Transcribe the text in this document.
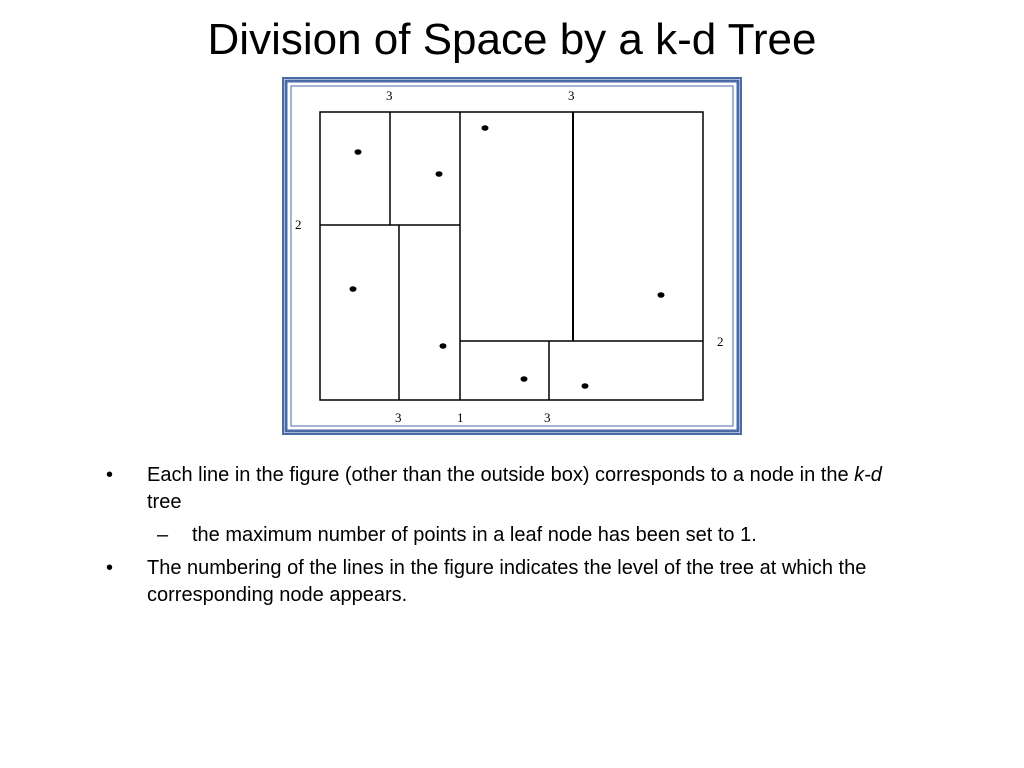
Division of Space by a k-d Tree
3	3
2
2
3	1	3
• Each line in the figure (other than the outside box) corresponds to a node in the k-d tree
– the maximum number of points in a leaf node has been set to 1.
• The numbering of the lines in the figure indicates the level of the tree at which the corresponding node appears.
